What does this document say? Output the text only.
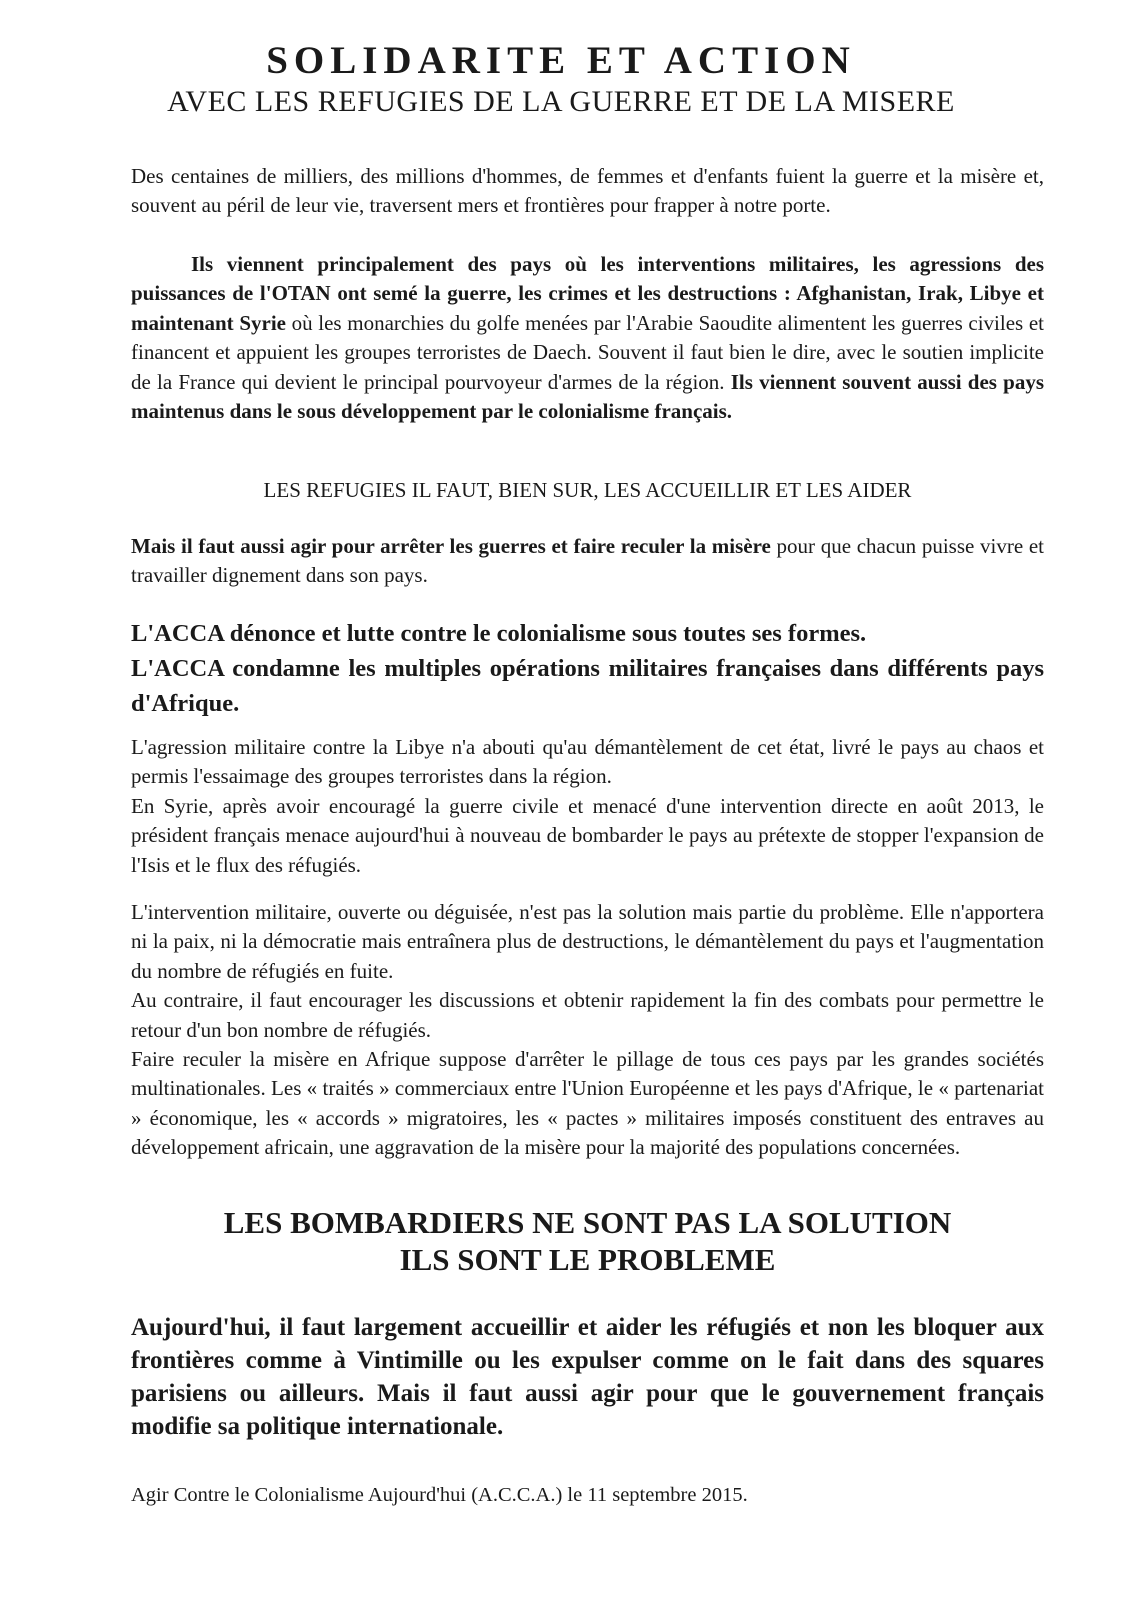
SOLIDARITE ET ACTION
AVEC LES REFUGIES DE LA GUERRE ET DE LA MISERE

Des centaines de milliers, des millions d'hommes, de femmes et d'enfants fuient la guerre et la misère et, souvent au péril de leur vie, traversent mers et frontières pour frapper à notre porte.

Ils viennent principalement des pays où les interventions militaires, les agressions des puissances de l'OTAN ont semé la guerre, les crimes et les destructions : Afghanistan, Irak, Libye et maintenant Syrie où les monarchies du golfe menées par l'Arabie Saoudite alimentent les guerres civiles et financent et appuient les groupes terroristes de Daech. Souvent il faut bien le dire, avec le soutien implicite de la France qui devient le principal pourvoyeur d'armes de la région. Ils viennent souvent aussi des pays maintenus dans le sous développement par le colonialisme français.

LES REFUGIES IL FAUT, BIEN SUR, LES ACCUEILLIR ET LES AIDER

Mais il faut aussi agir pour arrêter les guerres et faire reculer la misère pour que chacun puisse vivre et travailler dignement dans son pays.

L'ACCA dénonce et lutte contre le colonialisme sous toutes ses formes.

L'ACCA condamne les multiples opérations militaires françaises dans différents pays d'Afrique.

L'agression militaire contre la Libye n'a abouti qu'au démantèlement de cet état, livré le pays au chaos et permis l'essaimage des groupes terroristes dans la région.

En Syrie, après avoir encouragé la guerre civile et menacé d'une intervention directe en août 2013, le président français menace aujourd'hui à nouveau de bombarder le pays au prétexte de stopper l'expansion de l'Isis et le flux des réfugiés.

L'intervention militaire, ouverte ou déguisée, n'est pas la solution mais partie du problème. Elle n'apportera ni la paix, ni la démocratie mais entraînera plus de destructions, le démantèlement du pays et l'augmentation du nombre de réfugiés en fuite.

Au contraire, il faut encourager les discussions et obtenir rapidement la fin des combats pour permettre le retour d'un bon nombre de réfugiés.

Faire reculer la misère en Afrique suppose d'arrêter le pillage de tous ces pays par les grandes sociétés multinationales. Les « traités » commerciaux entre l'Union Européenne et les pays d'Afrique, le « partenariat » économique, les « accords » migratoires, les « pactes » militaires imposés constituent des entraves au développement africain, une aggravation de la misère pour la majorité des populations concernées.

LES BOMBARDIERS NE SONT PAS LA SOLUTION
ILS SONT LE PROBLEME
Aujourd'hui, il faut largement accueillir et aider les réfugiés et non les bloquer aux frontières comme à Vintimille ou les expulser comme on le fait dans des squares parisiens ou ailleurs. Mais il faut aussi agir pour que le gouvernement français modifie sa politique internationale.
Agir Contre le Colonialisme Aujourd'hui (A.C.C.A.) le 11 septembre 2015.
